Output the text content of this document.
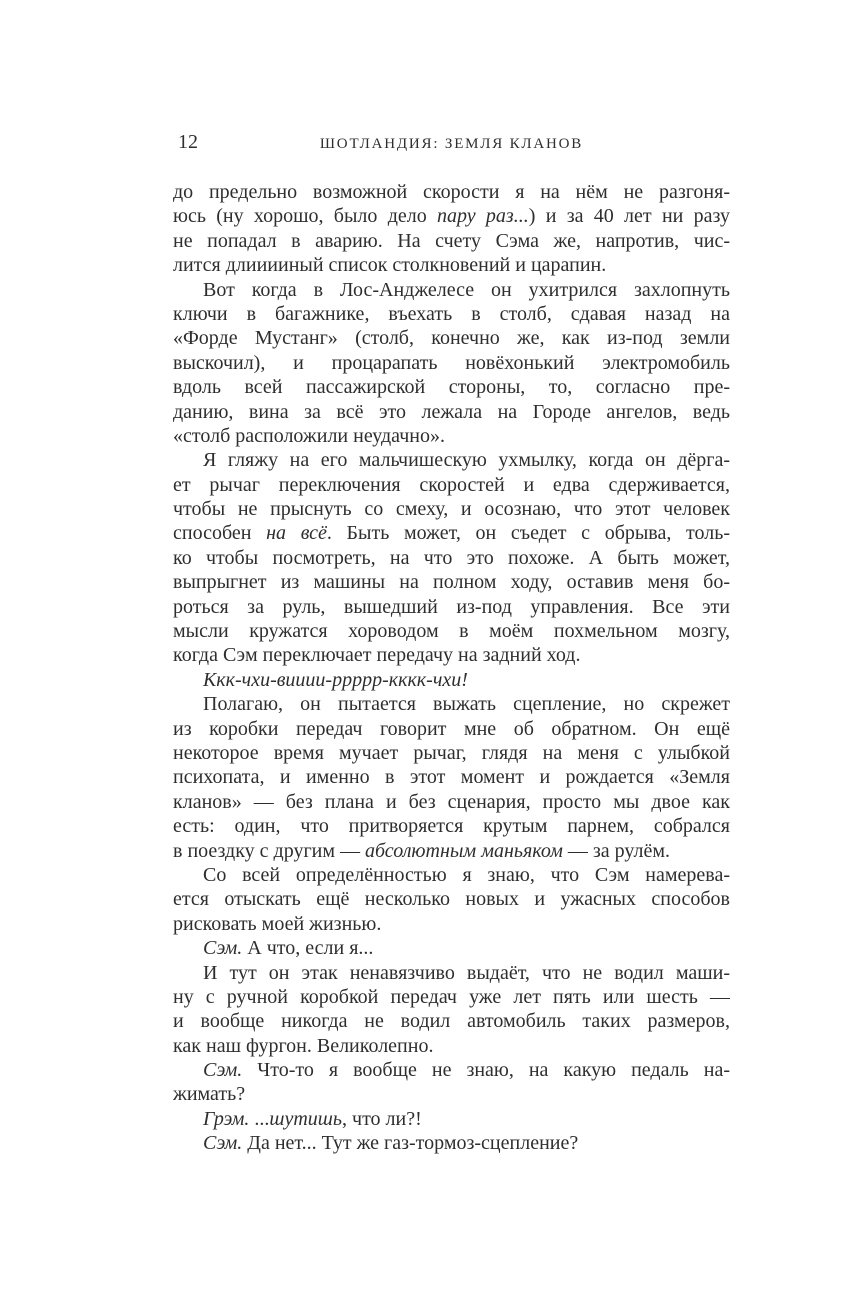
12	ШОТЛАНДИЯ: ЗЕМЛЯ КЛАНОВ
до предельно возможной скорости я на нём не разгоня-
юсь (ну хорошо, было дело пару раз...) и за 40 лет ни разу
не попадал в аварию. На счету Сэма же, напротив, чис-
лится длииииный список столкновений и царапин.
Вот когда в Лос-Анджелесе он ухитрился захлопнуть
ключи в багажнике, въехать в столб, сдавая назад на
«Форде Мустанг» (столб, конечно же, как из-под земли
выскочил), и процарапать новёхонький электромобиль
вдоль всей пассажирской стороны, то, согласно пре-
данию, вина за всё это лежала на Городе ангелов, ведь
«столб расположили неудачно».
Я гляжу на его мальчишескую ухмылку, когда он дёрга-
ет рычаг переключения скоростей и едва сдерживается,
чтобы не прыснуть со смеху, и осознаю, что этот человек
способен на всё. Быть может, он съедет с обрыва, толь-
ко чтобы посмотреть, на что это похоже. А быть может,
выпрыгнет из машины на полном ходу, оставив меня бо-
роться за руль, вышедший из-под управления. Все эти
мысли кружатся хороводом в моём похмельном мозгу,
когда Сэм переключает передачу на задний ход.
Ккк-чхи-вииии-ррррр-кккк-чхи!
Полагаю, он пытается выжать сцепление, но скрежет
из коробки передач говорит мне об обратном. Он ещё
некоторое время мучает рычаг, глядя на меня с улыбкой
психопата, и именно в этот момент и рождается «Земля
кланов» — без плана и без сценария, просто мы двое как
есть: один, что притворяется крутым парнем, собрался
в поездку с другим — абсолютным маньяком — за рулём.
Со всей определённостью я знаю, что Сэм намерева-
ется отыскать ещё несколько новых и ужасных способов
рисковать моей жизнью.
Сэм. А что, если я...
И тут он этак ненавязчиво выдаёт, что не водил маши-
ну с ручной коробкой передач уже лет пять или шесть —
и вообще никогда не водил автомобиль таких размеров,
как наш фургон. Великолепно.
Сэм. Что-то я вообще не знаю, на какую педаль на-
жимать?
Грэм. ...шутишь, что ли?!
Сэм. Да нет... Тут же газ-тормоз-сцепление?
